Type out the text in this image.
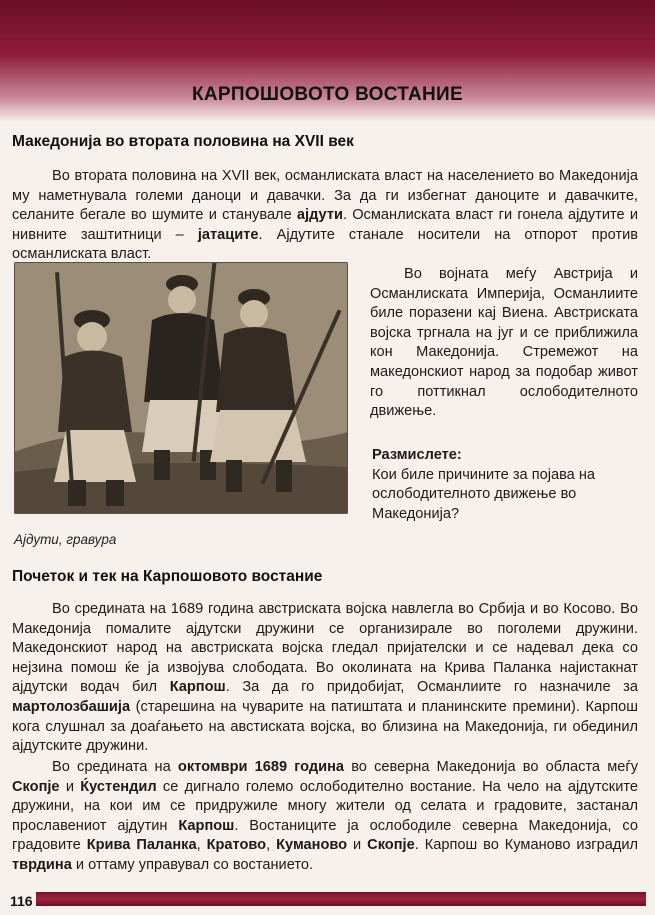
КАРПОШОВОТО ВОСТАНИЕ
Македонија во втората половина на XVII век
Во втората половина на XVII век, османлиската власт на населението во Македонија му наметнувала големи даноци и давачки. За да ги избегнат даноците и давачките, селаните бегале во шумите и станувале ајдути. Османлиската власт ги гонела ајдутите и нивните заштитници – јатаците. Ајдутите станале носители на отпорот против османлиската власт.
Во војната меѓу Австрија и Османлиската Империја, Османлиите биле поразени кај Виена. Австриската војска тргнала на југ и се приближила кон Македонија. Стремежот на македонскиот народ за подобар живот го поттикнал ослободителното движење.
Ајдути, гравура
Размислете:
Кои биле причините за појава на ослободителното движење во Македонија?
Почеток и тек на Карпошовото востание
Во средината на 1689 година австриската војска навлегла во Србија и во Косово. Во Македонија помалите ајдутски дружини се организирале во поголеми дружини. Македонскиот народ на австриската војска гледал пријателски и се надевал дека со нејзина помош ќе ја извојува слободата. Во околината на Крива Паланка најистакнат ајдутски водач бил Карпош. За да го придобијат, Османлиите го назначиле за мартолозбашија (старешина на чуварите на патиштата и планинските премини). Карпош кога слушнал за доаѓањето на австиската војска, во близина на Македонија, ги обединил ајдутските дружини.
Во средината на октомври 1689 година во северна Македонија во областа меѓу Скопје и Ќустендил се дигнало големо ослободително востание. На чело на ајдутските дружини, на кои им се придружиле многу жители од селата и градовите, застанал прославениот ајдутин Карпош. Востаниците ја ослободиле северна Македонија, со градовите Крива Паланка, Кратово, Куманово и Скопје. Карпош во Куманово изградил тврдина и оттаму управувал со востанието.
116
